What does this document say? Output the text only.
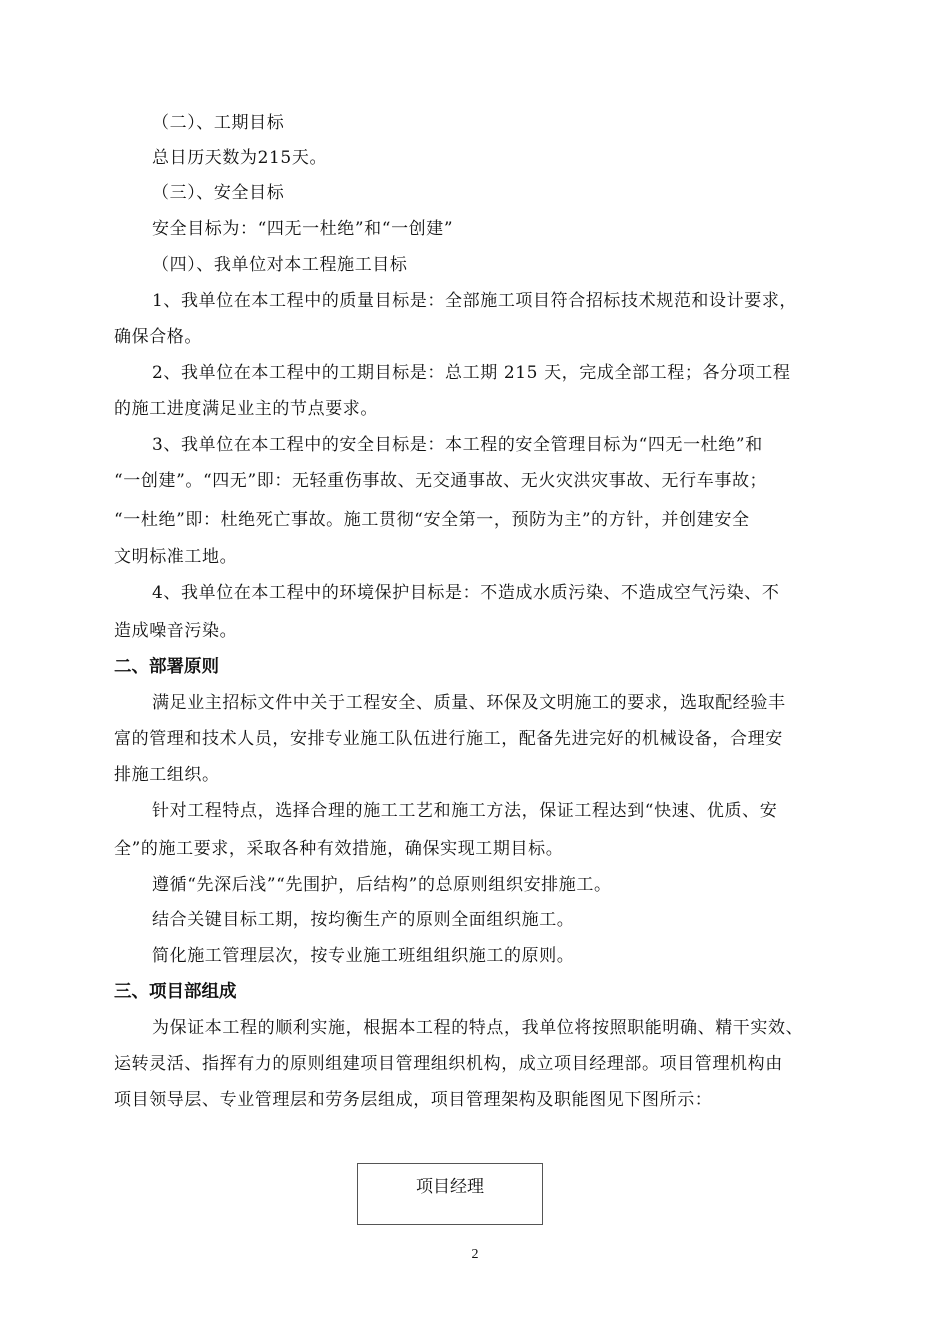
（二）、工期目标
总日历天数为215天。
（三）、安全目标
安全目标为：“四无一杜绝”和“一创建”
（四）、我单位对本工程施工目标
1、我单位在本工程中的质量目标是：全部施工项目符合招标技术规范和设计要求，
确保合格。
2、我单位在本工程中的工期目标是：总工期 215 天，完成全部工程；各分项工程
的施工进度满足业主的节点要求。
3、我单位在本工程中的安全目标是：本工程的安全管理目标为“四无一杜绝”和
“一创建”。“四无”即：无轻重伤事故、无交通事故、无火灾洪灾事故、无行车事故；
“一杜绝”即：杜绝死亡事故。施工贯彻“安全第一，预防为主”的方针，并创建安全
文明标准工地。
4、我单位在本工程中的环境保护目标是：不造成水质污染、不造成空气污染、不
造成噪音污染。
二、部署原则
满足业主招标文件中关于工程安全、质量、环保及文明施工的要求，选取配经验丰
富的管理和技术人员，安排专业施工队伍进行施工，配备先进完好的机械设备，合理安
排施工组织。
针对工程特点，选择合理的施工工艺和施工方法，保证工程达到“快速、优质、安
全”的施工要求，采取各种有效措施，确保实现工期目标。
遵循“先深后浅”“先围护，后结构”的总原则组织安排施工。
结合关键目标工期，按均衡生产的原则全面组织施工。
简化施工管理层次，按专业施工班组组织施工的原则。
三、项目部组成
为保证本工程的顺利实施，根据本工程的特点，我单位将按照职能明确、精干实效、
运转灵活、指挥有力的原则组建项目管理组织机构，成立项目经理部。项目管理机构由
项目领导层、专业管理层和劳务层组成，项目管理架构及职能图见下图所示：
项目经理
2
